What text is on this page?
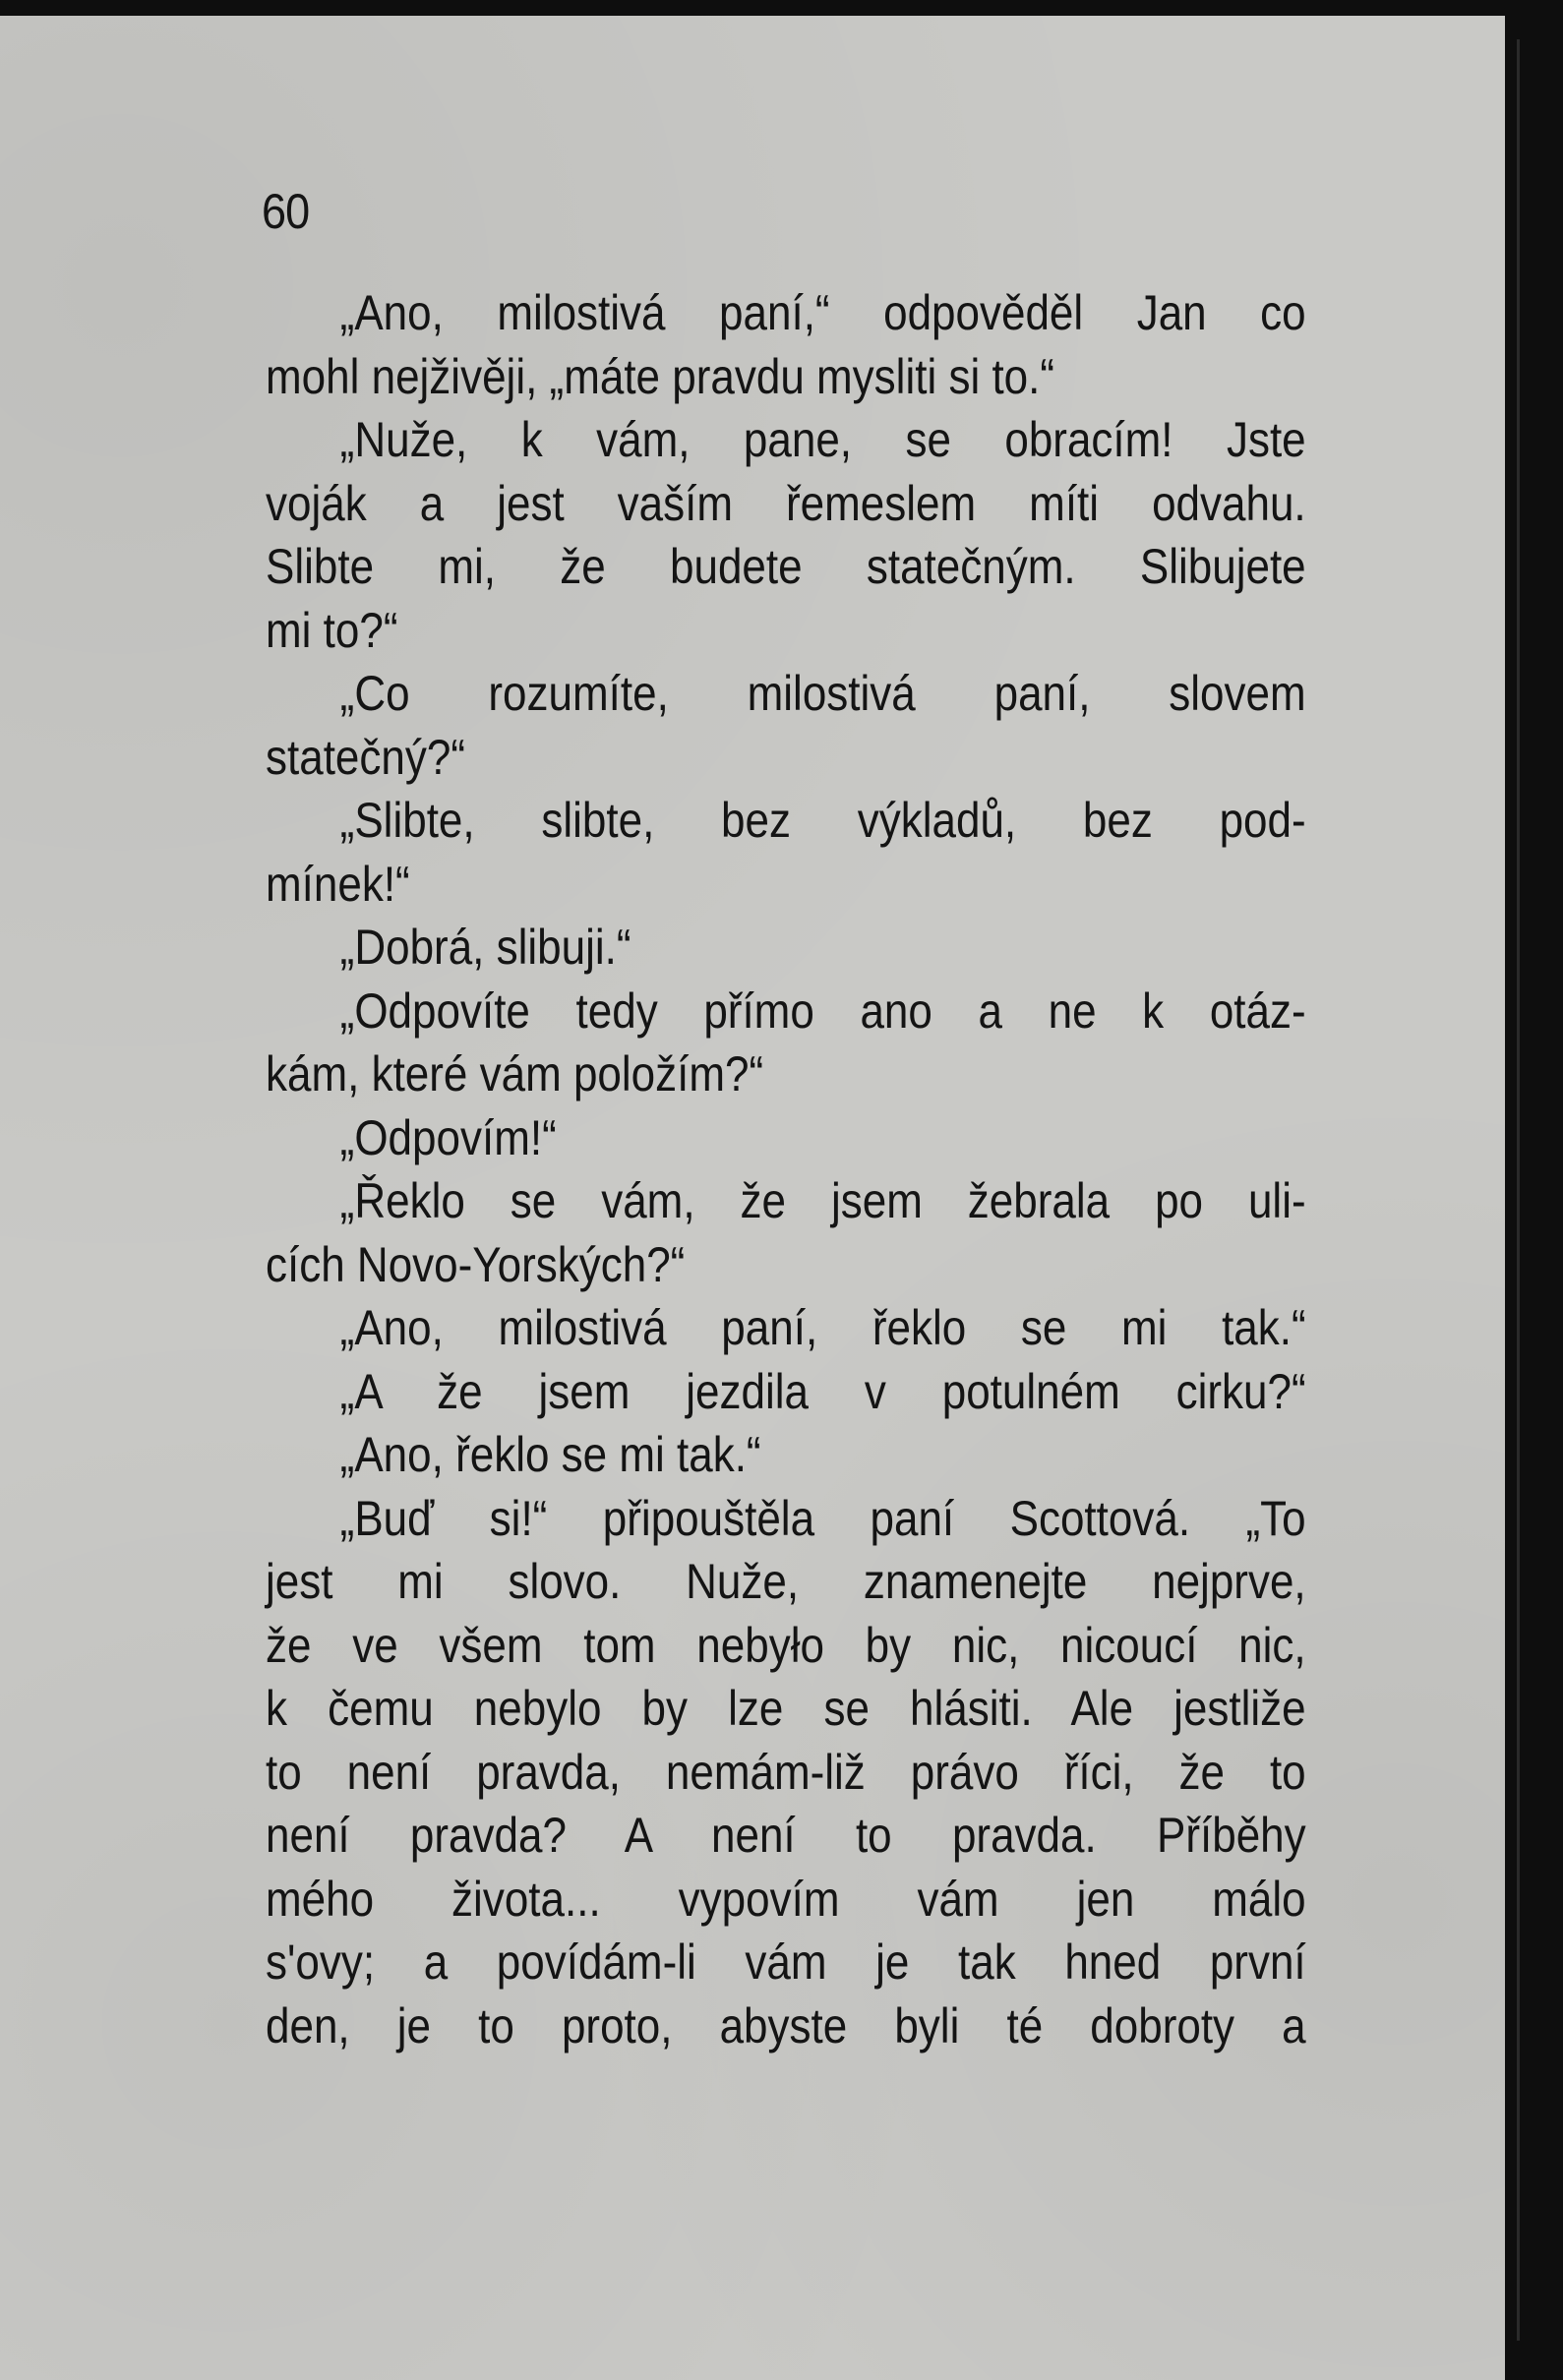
60
„Ano, milostivá paní,“ odpověděl Jan co
mohl nejživěji, „máte pravdu mysliti si to.“
„Nuže, k vám, pane, se obracím! Jste
voják a jest vaším řemeslem míti odvahu.
Slibte mi, že budete statečným. Slibujete
mi to?“
„Co rozumíte, milostivá paní, slovem
statečný?“
„Slibte, slibte, bez výkladů, bez pod-
mínek!“
„Dobrá, slibuji.“
„Odpovíte tedy přímo ano a ne k otáz-
kám, které vám položím?“
„Odpovím!“
„Řeklo se vám, že jsem žebrala po uli-
cích Novo-Yorských?“
„Ano, milostivá paní, řeklo se mi tak.“
„A že jsem jezdila v potulném cirku?“
„Ano, řeklo se mi tak.“
„Buď si!“ připouštěla paní Scottová. „To
jest mi slovo. Nuže, znamenejte nejprve,
že ve všem tom nebyło by nic, nicoucí nic,
k čemu nebylo by lze se hlásiti. Ale jestliže
to není pravda, nemám-liž právo říci, že to
není pravda? A není to pravda. Příběhy
mého života... vypovím vám jen málo
s'ovy; a povídám-li vám je tak hned první
den, je to proto, abyste byli té dobroty a
